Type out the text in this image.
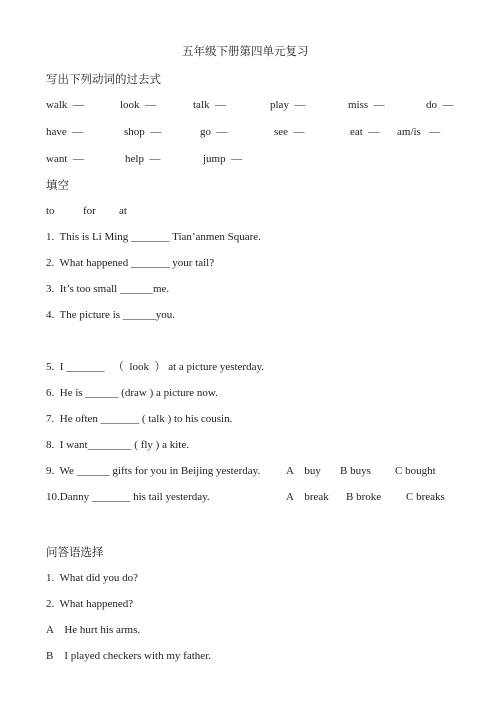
五年级下册第四单元复习
写出下列动词的过去式
walk  —	look  —	talk  —	play  —	miss  —	do  —
have  —	shop  —	go  —	see  —	eat  — am/is   —
want  —	help  —	jump  —
填空
to	for at
1.  This is Li Ming _______ Tian’anmen Square.
2.  What happened _______ your tail?
3.  It’s too small ______me.
4.  The picture is ______you.
5.  I _______   （  look  ） at a picture yesterday.
6.  He is ______ (draw ) a picture now.
7.  He often _______ ( talk ) to his cousin.
8.  I want________ ( fly ) a kite.
9.  We ______ gifts for you in Beijing yesterday. A    buy B buys C bought
10.Danny _______ his tail yesterday.	A    break B broke C breaks
问答语选择
1.  What did you do?
2.  What happened?
A    He hurt his arms.
B    I played checkers with my father.
